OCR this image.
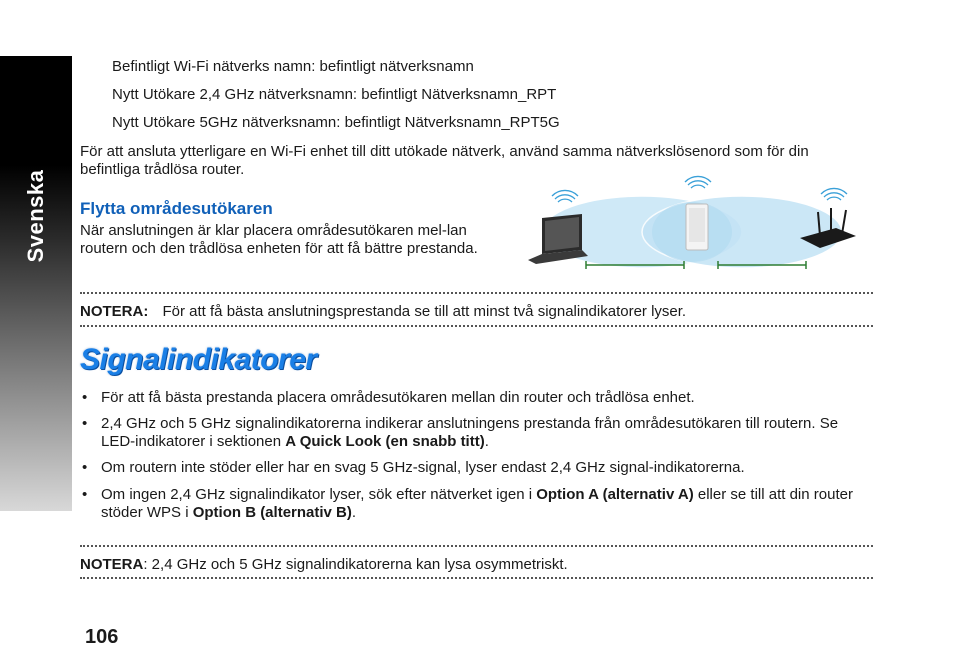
Svenska
Befintligt Wi-Fi nätverks namn: befintligt nätverksnamn
Nytt Utökare 2,4 GHz nätverksnamn: befintligt Nätverksnamn_RPT
Nytt Utökare 5GHz nätverksnamn: befintligt Nätverksnamn_RPT5G
För att ansluta ytterligare en Wi-Fi enhet till ditt utökade nätverk, använd samma nätverkslösenord som för din befintliga trådlösa router.
Flytta områdesutökaren
När anslutningen är klar placera områdesutökaren mel-lan routern och den trådlösa enheten för att få bättre prestanda.
NOTERA: För att få bästa anslutningsprestanda se till att minst två signalindikatorer lyser.
Signalindikatorer
• För att få bästa prestanda placera områdesutökaren mellan din router och trådlösa enhet.
• 2,4 GHz och 5 GHz signalindikatorerna indikerar anslutningens prestanda från områdesutökaren till routern. Se LED-indikatorer i sektionen A Quick Look (en snabb titt).
• Om routern inte stöder eller har en svag 5 GHz-signal, lyser endast 2,4 GHz signal-indikatorerna.
• Om ingen 2,4 GHz signalindikator lyser, sök efter nätverket igen i Option A (alternativ A) eller se till att din router stöder WPS i Option B (alternativ B).
NOTERA: 2,4 GHz och 5 GHz signalindikatorerna kan lysa osymmetriskt.
106
